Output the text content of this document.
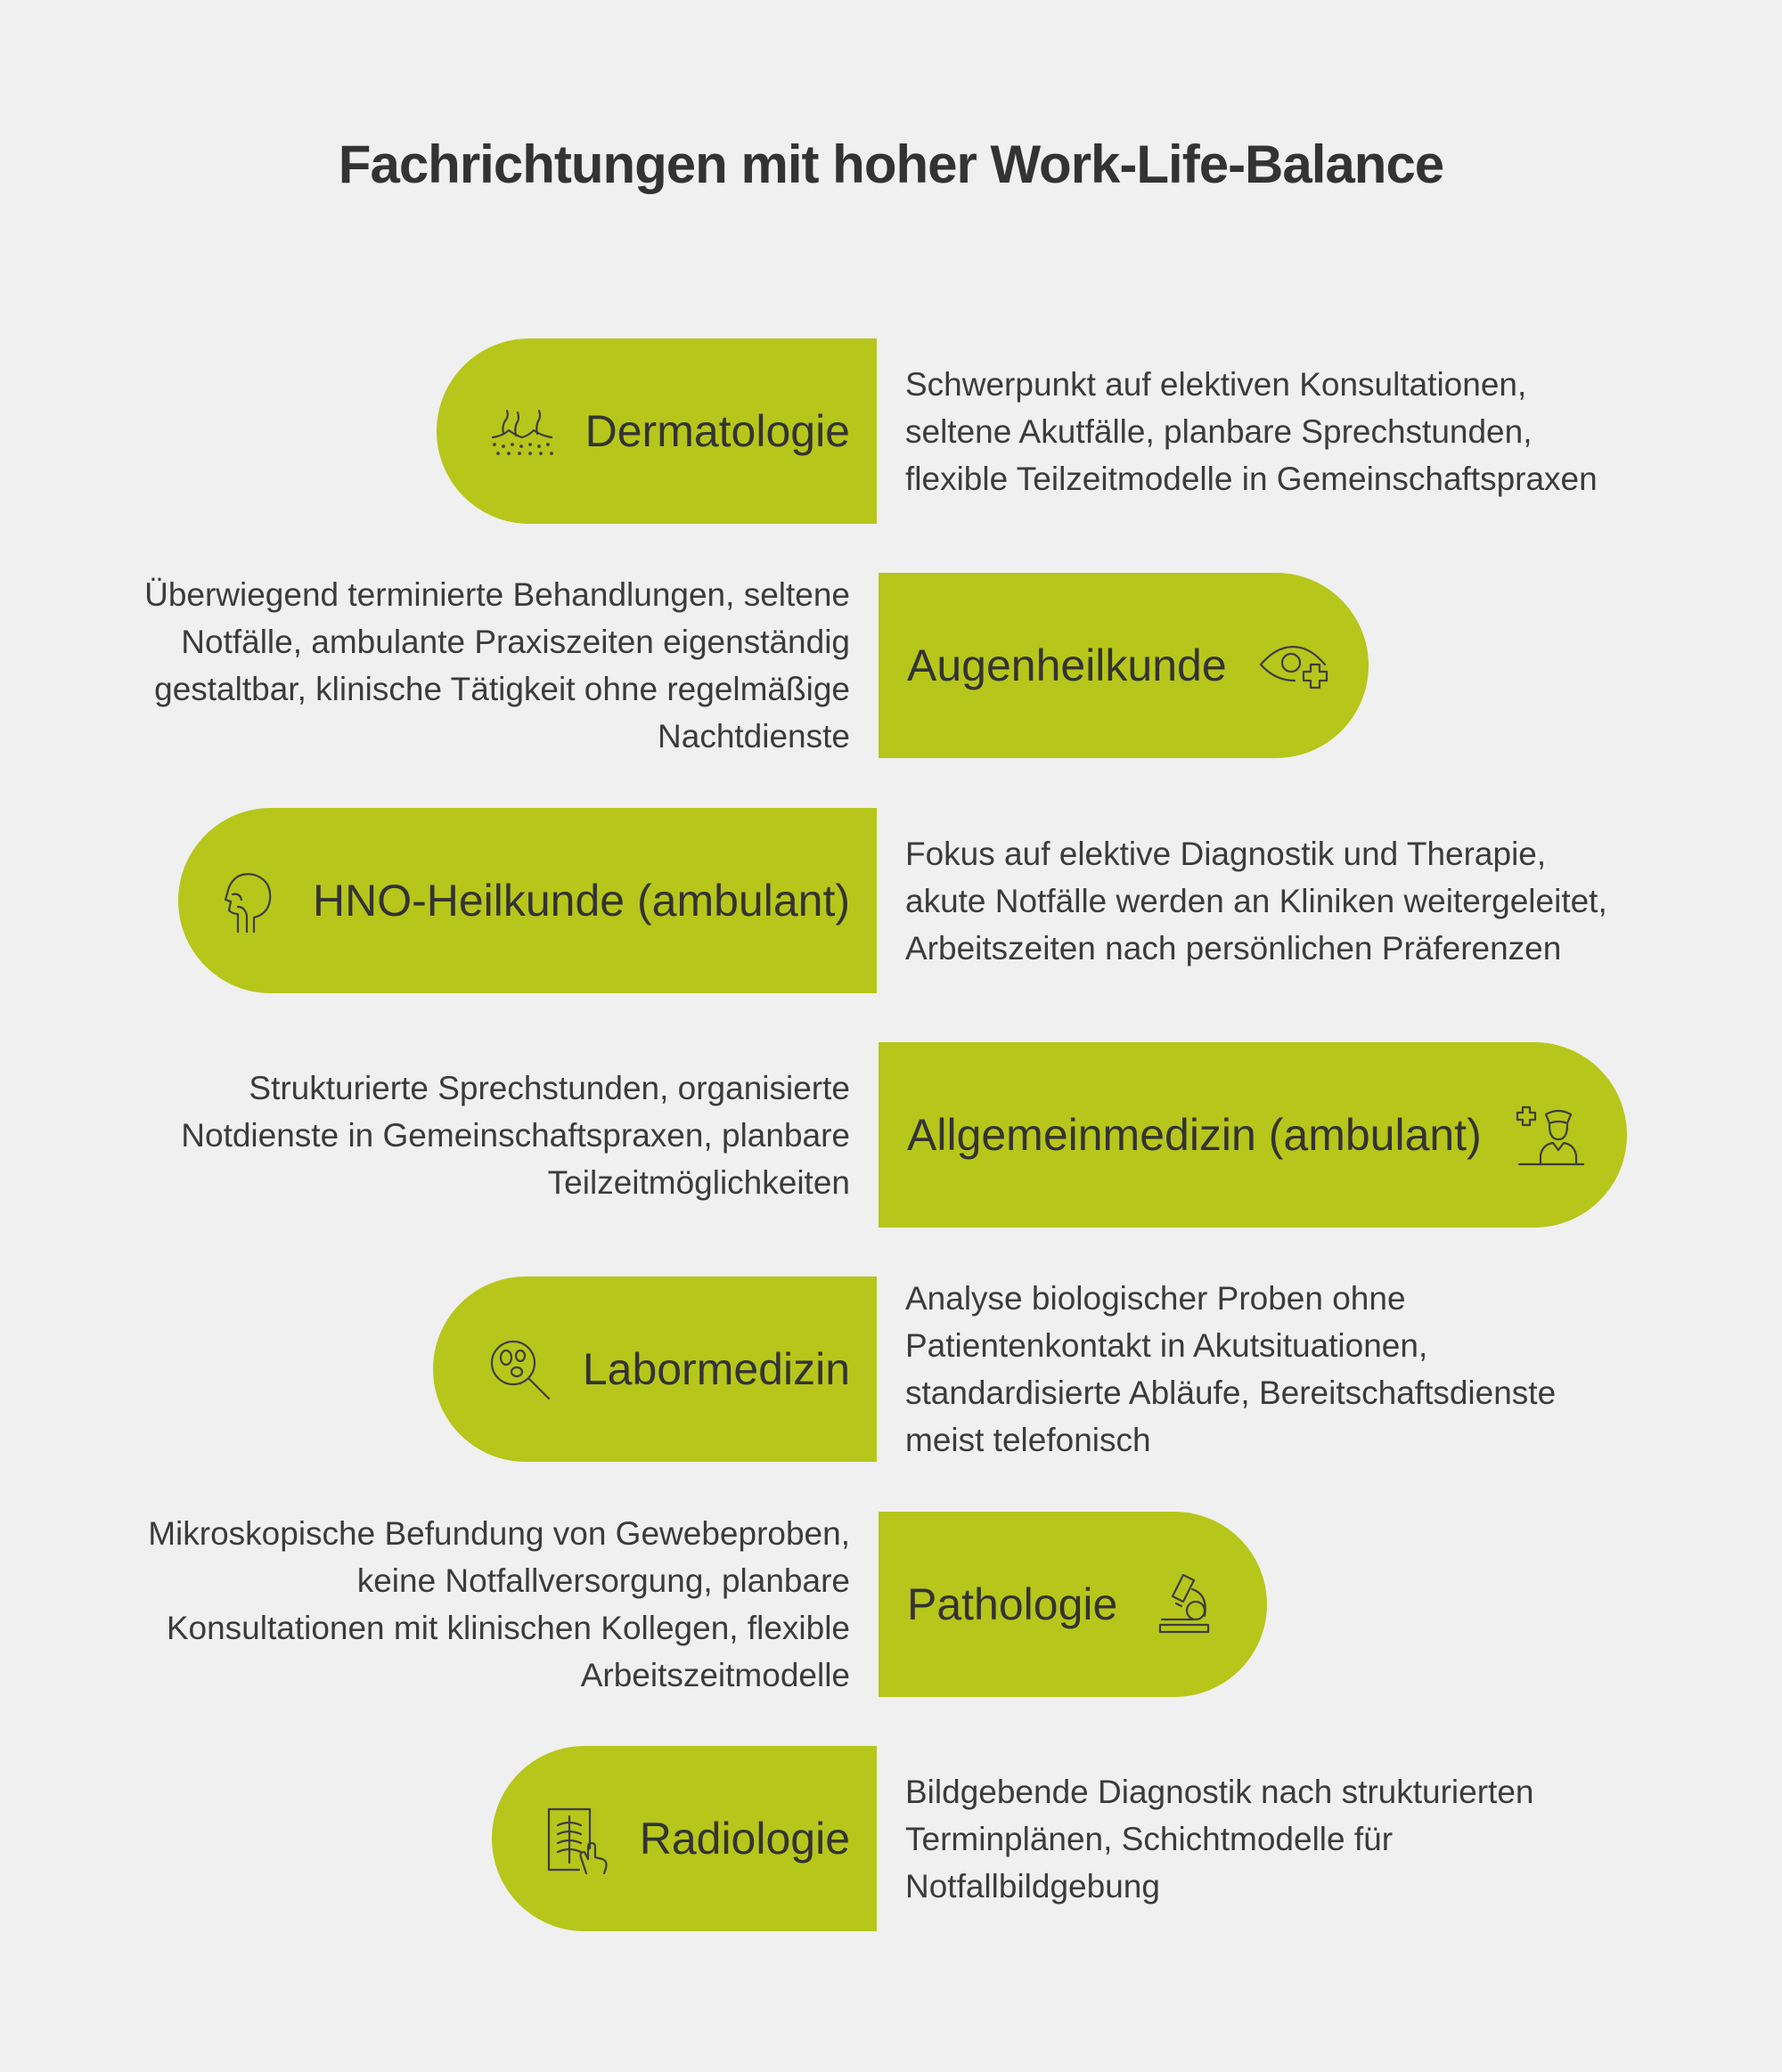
Fachrichtungen mit hoher Work-Life-Balance
Dermatologie
Schwerpunkt auf elektiven Konsultationen,
seltene Akutfälle, planbare Sprechstunden,
flexible Teilzeitmodelle in Gemeinschaftspraxen
Augenheilkunde
Überwiegend terminierte Behandlungen, seltene
Notfälle, ambulante Praxiszeiten eigenständig
gestaltbar, klinische Tätigkeit ohne regelmäßige
Nachtdienste
HNO-Heilkunde (ambulant)
Fokus auf elektive Diagnostik und Therapie,
akute Notfälle werden an Kliniken weitergeleitet,
Arbeitszeiten nach persönlichen Präferenzen
Allgemeinmedizin (ambulant)
Strukturierte Sprechstunden, organisierte
Notdienste in Gemeinschaftspraxen, planbare
Teilzeitmöglichkeiten
Labormedizin
Analyse biologischer Proben ohne
Patientenkontakt in Akutsituationen,
standardisierte Abläufe, Bereitschaftsdienste
meist telefonisch
Pathologie
Mikroskopische Befundung von Gewebeproben,
keine Notfallversorgung, planbare
Konsultationen mit klinischen Kollegen, flexible
Arbeitszeitmodelle
Radiologie
Bildgebende Diagnostik nach strukturierten
Terminplänen, Schichtmodelle für
Notfallbildgebung
